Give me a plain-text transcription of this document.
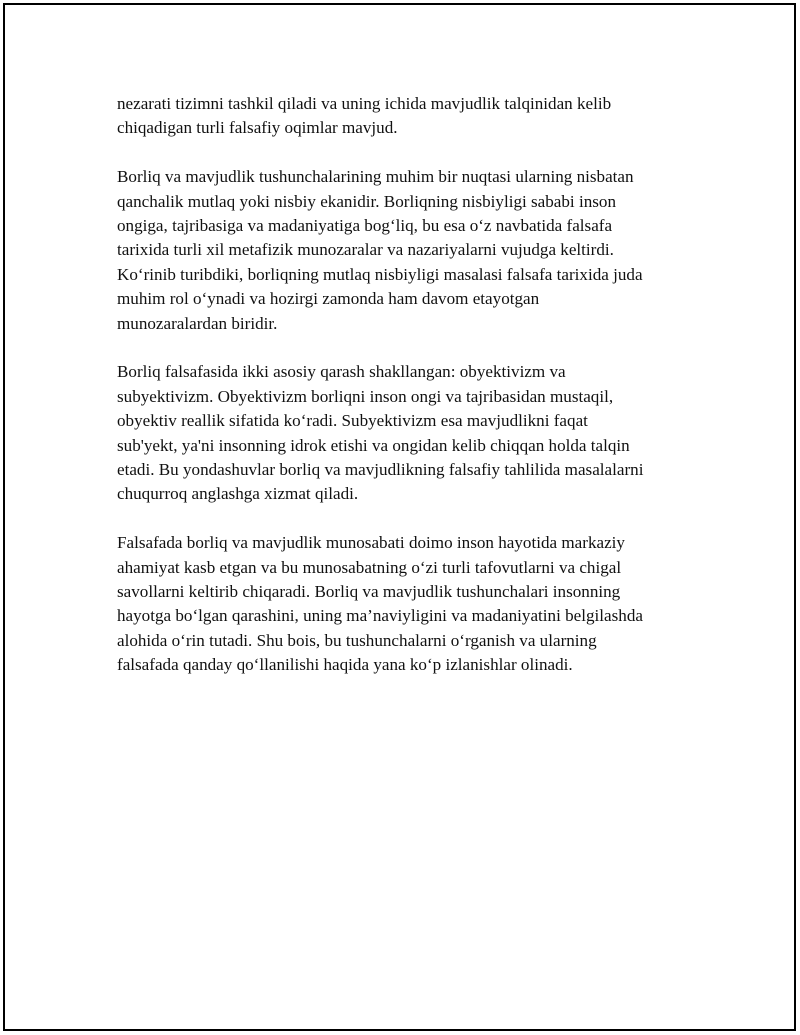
nezarati tizimni tashkil qiladi va uning ichida mavjudlik talqinidan kelib
chiqadigan turli falsafiy oqimlar mavjud.

Borliq va mavjudlik tushunchalarining muhim bir nuqtasi ularning nisbatan
qanchalik mutlaq yoki nisbiy ekanidir. Borliqning nisbiyligi sababi inson
ongiga, tajribasiga va madaniyatiga bog‘liq, bu esa o‘z navbatida falsafa
tarixida turli xil metafizik munozaralar va nazariyalarni vujudga keltirdi.
Ko‘rinib turibdiki, borliqning mutlaq nisbiyligi masalasi falsafa tarixida juda
muhim rol o‘ynadi va hozirgi zamonda ham davom etayotgan
munozaralardan biridir.

Borliq falsafasida ikki asosiy qarash shakllangan: obyektivizm va
subyektivizm. Obyektivizm borliqni inson ongi va tajribasidan mustaqil,
obyektiv reallik sifatida ko‘radi. Subyektivizm esa mavjudlikni faqat
sub'yekt, ya'ni insonning idrok etishi va ongidan kelib chiqqan holda talqin
etadi. Bu yondashuvlar borliq va mavjudlikning falsafiy tahlilida masalalarni
chuqurroq anglashga xizmat qiladi.

Falsafada borliq va mavjudlik munosabati doimo inson hayotida markaziy
ahamiyat kasb etgan va bu munosabatning o‘zi turli tafovutlarni va chigal
savollarni keltirib chiqaradi. Borliq va mavjudlik tushunchalari insonning
hayotga bo‘lgan qarashini, uning ma’naviyligini va madaniyatini belgilashda
alohida o‘rin tutadi. Shu bois, bu tushunchalarni o‘rganish va ularning
falsafada qanday qo‘llanilishi haqida yana ko‘p izlanishlar olinadi.
